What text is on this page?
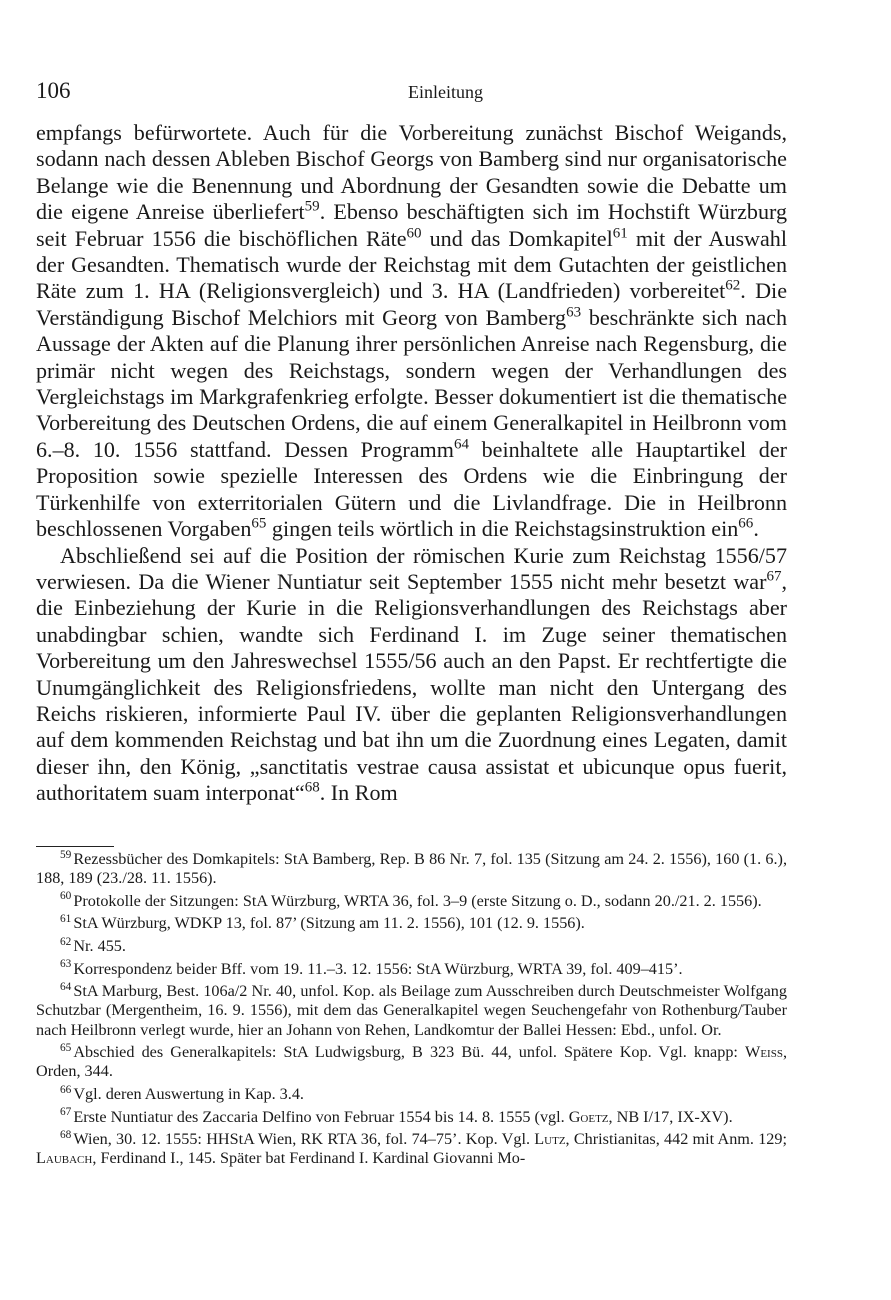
106	Einleitung

empfangs befürwortete. Auch für die Vorbereitung zunächst Bischof Weigands, sodann nach dessen Ableben Bischof Georgs von Bamberg sind nur organisatorische Belange wie die Benennung und Abordnung der Gesandten sowie die Debatte um die eigene Anreise überliefert$^{59}$. Ebenso beschäftigten sich im Hochstift Würzburg seit Februar 1556 die bischöflichen Räte$^{60}$ und das Domkapitel$^{61}$ mit der Auswahl der Gesandten. Thematisch wurde der Reichstag mit dem Gutachten der geistlichen Räte zum 1. HA (Religionsvergleich) und 3. HA (Landfrieden) vorbereitet$^{62}$. Die Verständigung Bischof Melchiors mit Georg von Bamberg$^{63}$ beschränkte sich nach Aussage der Akten auf die Planung ihrer persönlichen Anreise nach Regensburg, die primär nicht wegen des Reichstags, sondern wegen der Verhandlungen des Vergleichstags im Markgrafenkrieg erfolgte. Besser dokumentiert ist die thematische Vorbereitung des Deutschen Ordens, die auf einem Generalkapitel in Heilbronn vom 6.–8. 10. 1556 stattfand. Dessen Programm$^{64}$ beinhaltete alle Hauptartikel der Proposition sowie spezielle Interessen des Ordens wie die Einbringung der Türkenhilfe von exterritorialen Gütern und die Livlandfrage. Die in Heilbronn beschlossenen Vorgaben$^{65}$ gingen teils wörtlich in die Reichstagsinstruktion ein$^{66}$.

Abschließend sei auf die Position der römischen Kurie zum Reichstag 1556/57 verwiesen. Da die Wiener Nuntiatur seit September 1555 nicht mehr besetzt war$^{67}$, die Einbeziehung der Kurie in die Religionsverhandlungen des Reichstags aber unabdingbar schien, wandte sich Ferdinand I. im Zuge seiner thematischen Vorbereitung um den Jahreswechsel 1555/56 auch an den Papst. Er rechtfertigte die Unumgänglichkeit des Religionsfriedens, wollte man nicht den Untergang des Reichs riskieren, informierte Paul IV. über die geplanten Religionsverhandlungen auf dem kommenden Reichstag und bat ihn um die Zuordnung eines Legaten, damit dieser ihn, den König, „sanctitatis vestrae causa assistat et ubicunque opus fuerit, authoritatem suam interponat“$^{68}$. In Rom

$^{59}$ Rezessbücher des Domkapitels: StA Bamberg, Rep. B 86 Nr. 7, fol. 135 (Sitzung am 24. 2. 1556), 160 (1. 6.), 188, 189 (23./28. 11. 1556).

$^{60}$ Protokolle der Sitzungen: StA Würzburg, WRTA 36, fol. 3–9 (erste Sitzung o. D., sodann 20./21. 2. 1556).

$^{61}$ StA Würzburg, WDKP 13, fol. 87’ (Sitzung am 11. 2. 1556), 101 (12. 9. 1556).

$^{62}$ Nr. 455.

$^{63}$ Korrespondenz beider Bff. vom 19. 11.–3. 12. 1556: StA Würzburg, WRTA 39, fol. 409–415’.

$^{64}$ StA Marburg, Best. 106a/2 Nr. 40, unfol. Kop. als Beilage zum Ausschreiben durch Deutschmeister Wolfgang Schutzbar (Mergentheim, 16. 9. 1556), mit dem das Generalkapitel wegen Seuchengefahr von Rothenburg/Tauber nach Heilbronn verlegt wurde, hier an Johann von Rehen, Landkomtur der Ballei Hessen: Ebd., unfol. Or.

$^{65}$ Abschied des Generalkapitels: StA Ludwigsburg, B 323 Bü. 44, unfol. Spätere Kop. Vgl. knapp: Weiss, Orden, 344.

$^{66}$ Vgl. deren Auswertung in Kap. 3.4.

$^{67}$ Erste Nuntiatur des Zaccaria Delfino von Februar 1554 bis 14. 8. 1555 (vgl. Goetz, NB I/17, IX-XV).

$^{68}$ Wien, 30. 12. 1555: HHStA Wien, RK RTA 36, fol. 74–75’. Kop. Vgl. Lutz, Christianitas, 442 mit Anm. 129; Laubach, Ferdinand I., 145. Später bat Ferdinand I. Kardinal Giovanni Mo-
